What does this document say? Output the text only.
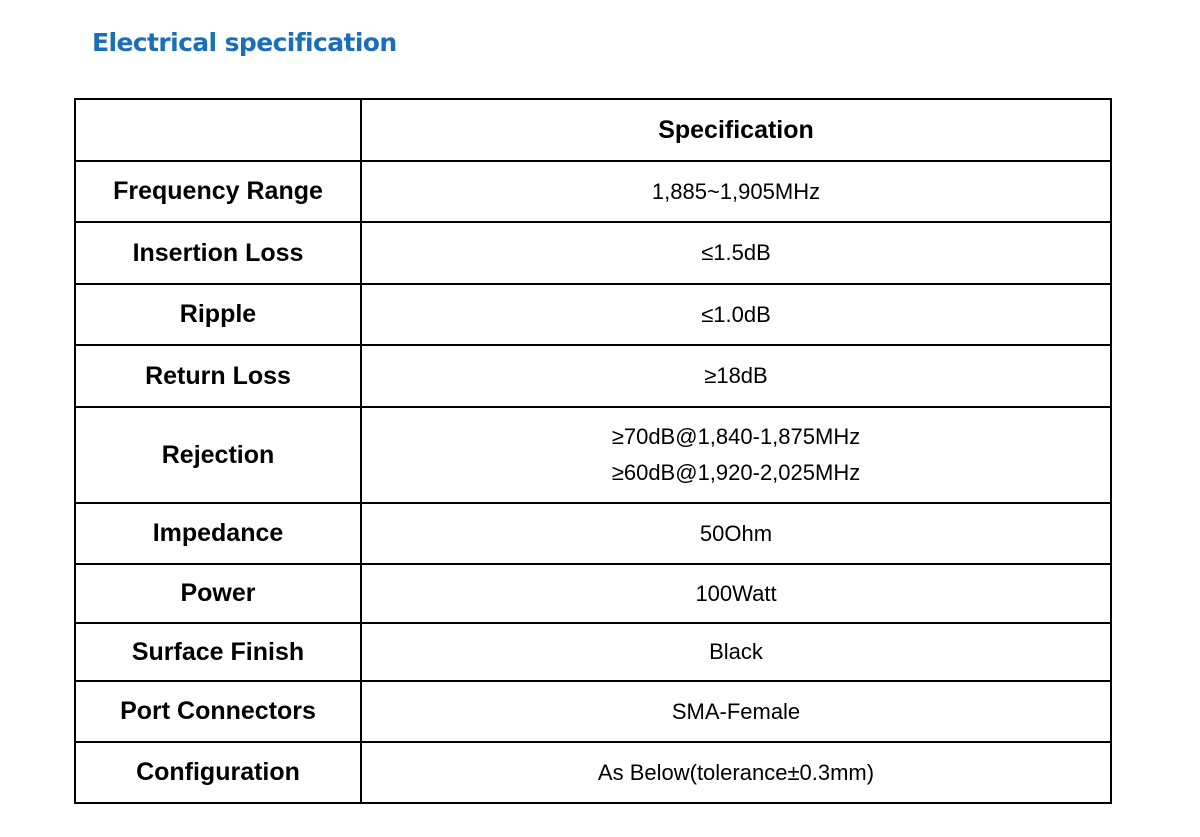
Electrical specification
	Specification
Frequency Range	1,885~1,905MHz
Insertion Loss	≤1.5dB
Ripple	≤1.0dB
Return Loss	≥18dB
Rejection	≥70dB@1,840-1,875MHz
≥60dB@1,920-2,025MHz

Impedance	50Ohm
Power	100Watt
Surface Finish	Black
Port Connectors	SMA-Female
Configuration	As Below(tolerance±0.3mm)
